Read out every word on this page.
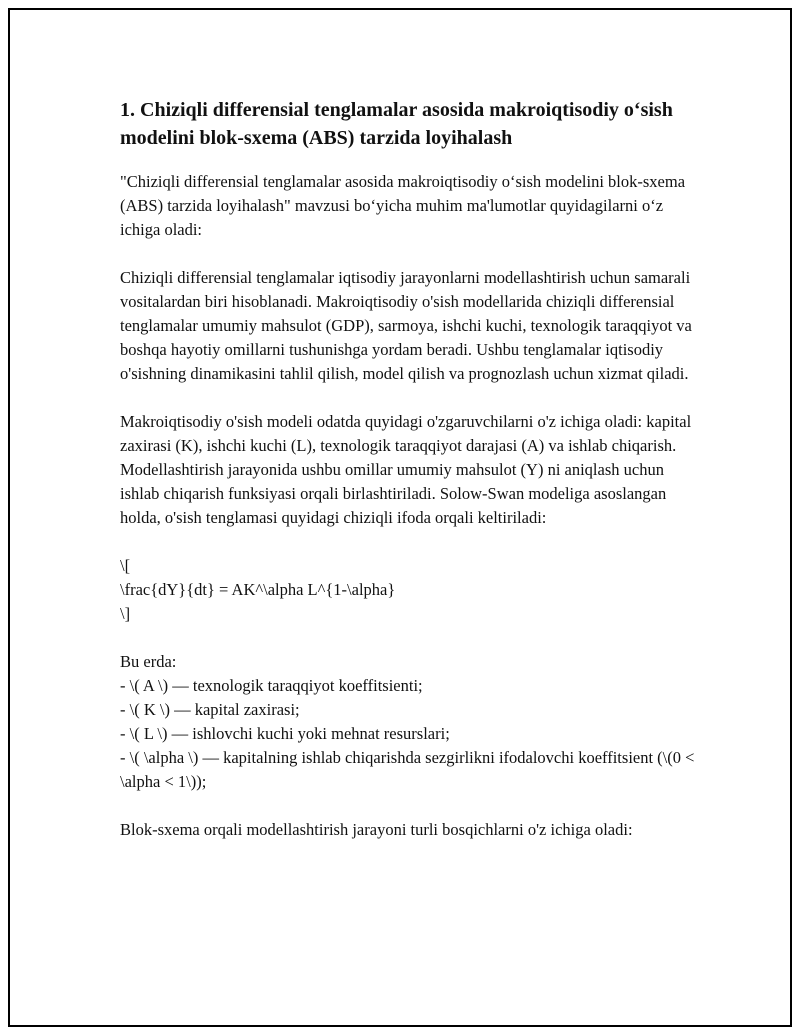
1. Chiziqli differensial tenglamalar asosida makroiqtisodiy o‘sish modelini blok-sxema (ABS) tarzida loyihalash

"Chiziqli differensial tenglamalar asosida makroiqtisodiy o‘sish modelini blok-sxema (ABS) tarzida loyihalash" mavzusi bo‘yicha muhim ma'lumotlar quyidagilarni o‘z ichiga oladi:

Chiziqli differensial tenglamalar iqtisodiy jarayonlarni modellashtirish uchun samarali vositalardan biri hisoblanadi. Makroiqtisodiy o'sish modellarida chiziqli differensial tenglamalar umumiy mahsulot (GDP), sarmoya, ishchi kuchi, texnologik taraqqiyot va boshqa hayotiy omillarni tushunishga yordam beradi. Ushbu tenglamalar iqtisodiy o'sishning dinamikasini tahlil qilish, model qilish va prognozlash uchun xizmat qiladi.

Makroiqtisodiy o'sish modeli odatda quyidagi o'zgaruvchilarni o'z ichiga oladi: kapital zaxirasi (K), ishchi kuchi (L), texnologik taraqqiyot darajasi (A) va ishlab chiqarish. Modellashtirish jarayonida ushbu omillar umumiy mahsulot (Y) ni aniqlash uchun ishlab chiqarish funksiyasi orqali birlashtiriladi. Solow-Swan modeliga asoslangan holda, o'sish tenglamasi quyidagi chiziqli ifoda orqali keltiriladi:

\[
\frac{dY}{dt} = AK^\alpha L^{1-\alpha}
\]

Bu erda:
- \( A \) — texnologik taraqqiyot koeffitsienti;
- \( K \) — kapital zaxirasi;
- \( L \) — ishlovchi kuchi yoki mehnat resurslari;
- \( \alpha \) — kapitalning ishlab chiqarishda sezgirlikni ifodalovchi koeffitsient (\(0 < \alpha < 1\));

Blok-sxema orqali modellashtirish jarayoni turli bosqichlarni o'z ichiga oladi:
